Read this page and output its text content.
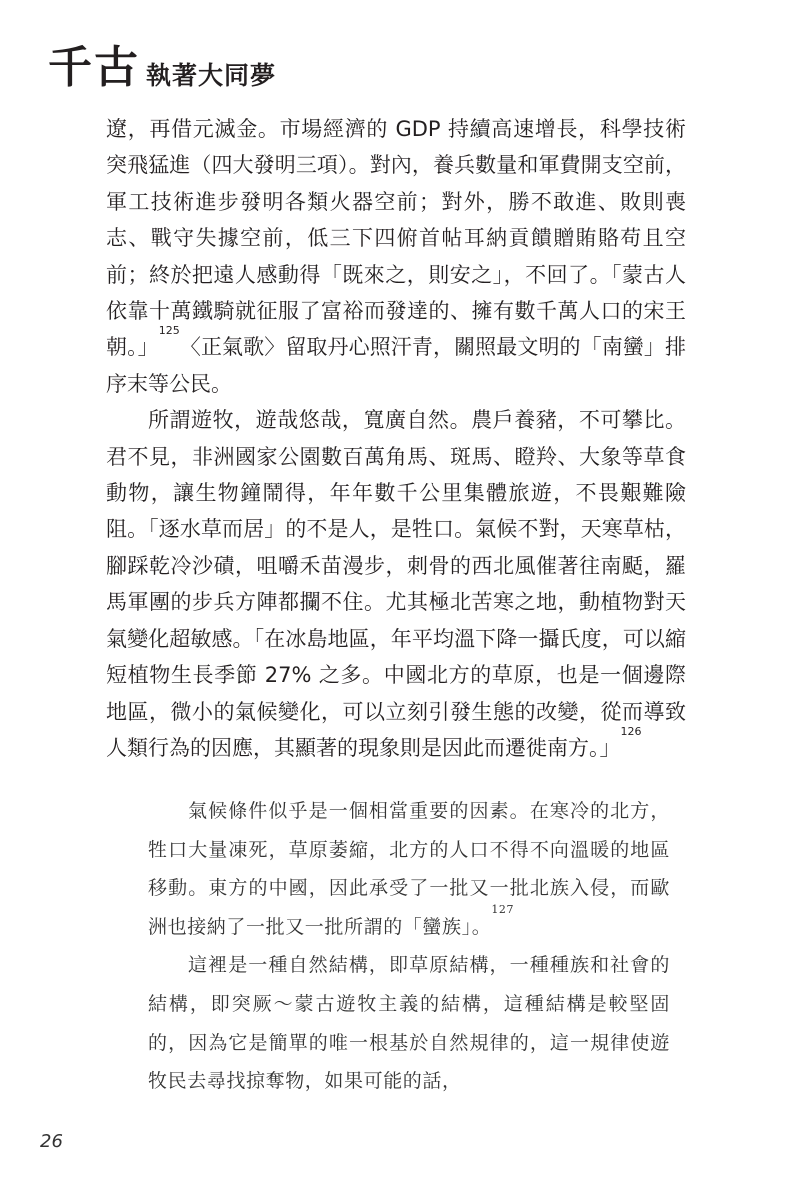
千古 執著大同夢

遼，再借元滅金。市場經濟的 GDP 持續高速增長，科學技術突飛猛進（四大發明三項）。對內，養兵數量和軍費開支空前，軍工技術進步發明各類火器空前；對外，勝不敢進、敗則喪志、戰守失據空前，低三下四俯首帖耳納貢饋贈賄賂苟且空前；終於把遠人感動得「既來之，則安之」，不回了。「蒙古人依靠十萬鐵騎就征服了富裕而發達的、擁有數千萬人口的宋王朝。」$^{125}$〈正氣歌〉留取丹心照汗青，關照最文明的「南蠻」排序末等公民。

所謂遊牧，遊哉悠哉，寬廣自然。農戶養豬，不可攀比。君不見，非洲國家公園數百萬角馬、斑馬、瞪羚、大象等草食動物，讓生物鐘鬧得，年年數千公里集體旅遊，不畏艱難險阻。「逐水草而居」的不是人，是牲口。氣候不對，天寒草枯，腳踩乾冷沙磧，咀嚼禾苗漫步，刺骨的西北風催著往南颳，羅馬軍團的步兵方陣都攔不住。尤其極北苦寒之地，動植物對天氣變化超敏感。「在冰島地區，年平均溫下降一攝氏度，可以縮短植物生長季節 27% 之多。中國北方的草原，也是一個邊際地區，微小的氣候變化，可以立刻引發生態的改變，從而導致人類行為的因應，其顯著的現象則是因此而遷徙南方。」$^{126}$

氣候條件似乎是一個相當重要的因素。在寒冷的北方，牲口大量凍死，草原萎縮，北方的人口不得不向溫暖的地區移動。東方的中國，因此承受了一批又一批北族入侵，而歐洲也接納了一批又一批所謂的「蠻族」。$^{127}$

這裡是一種自然結構，即草原結構，一種種族和社會的結構，即突厥～蒙古遊牧主義的結構，這種結構是較堅固的，因為它是簡單的唯一根基於自然規律的，這一規律使遊牧民去尋找掠奪物，如果可能的話，

26
